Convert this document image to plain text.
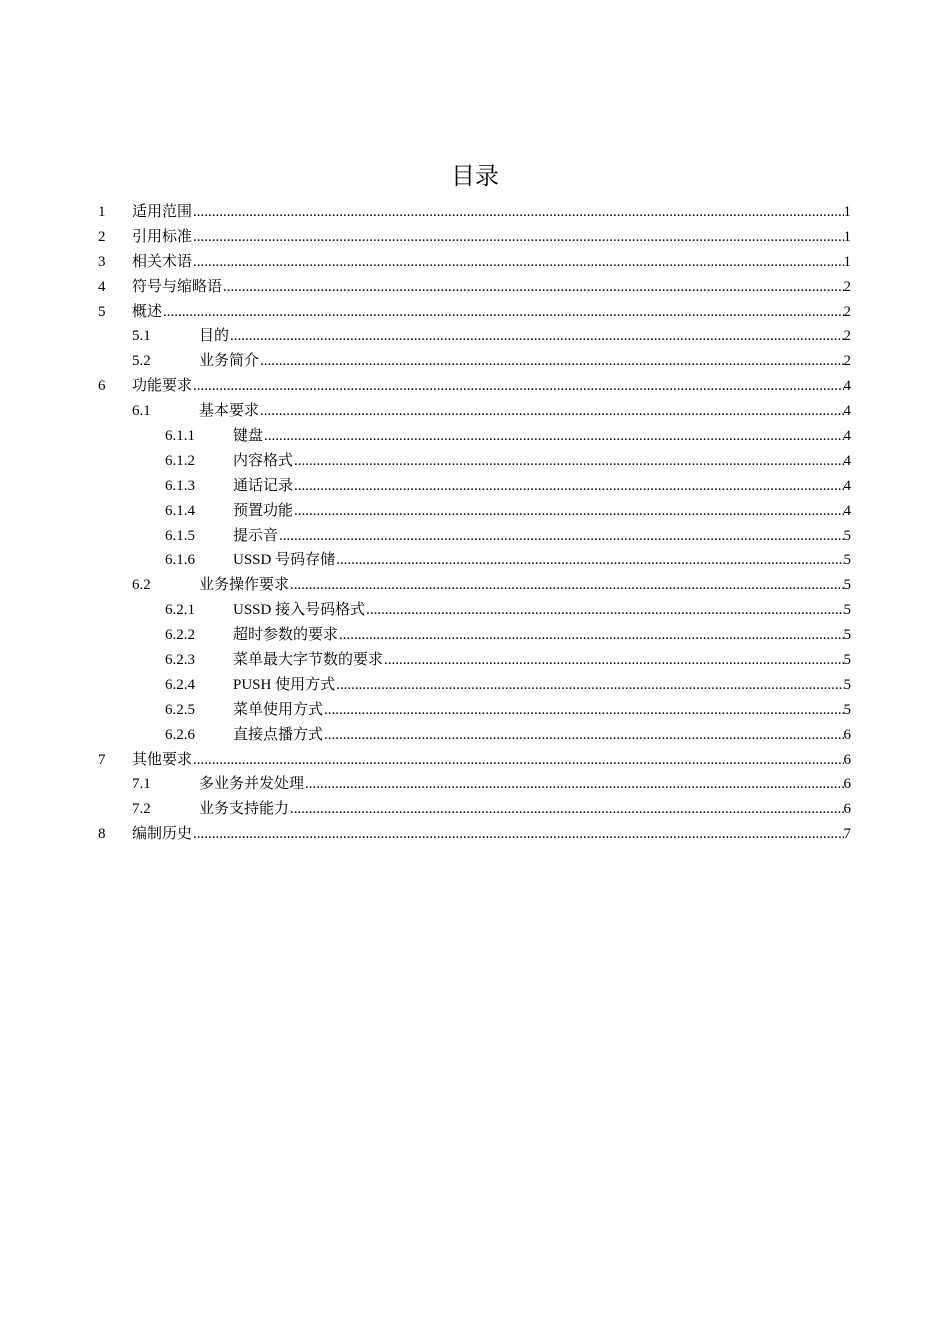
目录
1 适用范围 .....	1
2 引用标准 .....	1
3 相关术语 .....	1
4 符号与缩略语 .....	2
5 概述 .....	2
5.1	目的 .....	2
5.2	业务简介 .....	2
6 功能要求 .....	4
6.1	基本要求 .....	4
6.1.1	键盘 .....	4
6.1.2	内容格式 .....	4
6.1.3	通话记录 .....	4
6.1.4	预置功能 .....	4
6.1.5	提示音 .....	5
6.1.6	USSD 号码存储 .....	5
6.2	业务操作要求 .....	5
6.2.1	USSD 接入号码格式 .....	5
6.2.2	超时参数的要求 .....	5
6.2.3	菜单最大字节数的要求 .....	5
6.2.4	PUSH 使用方式 .....	5
6.2.5	菜单使用方式 .....	5
6.2.6	直接点播方式 .....	6
7 其他要求 .....	6
7.1	多业务并发处理 .....	6
7.2	业务支持能力 .....	6
8 编制历史 .....	7
